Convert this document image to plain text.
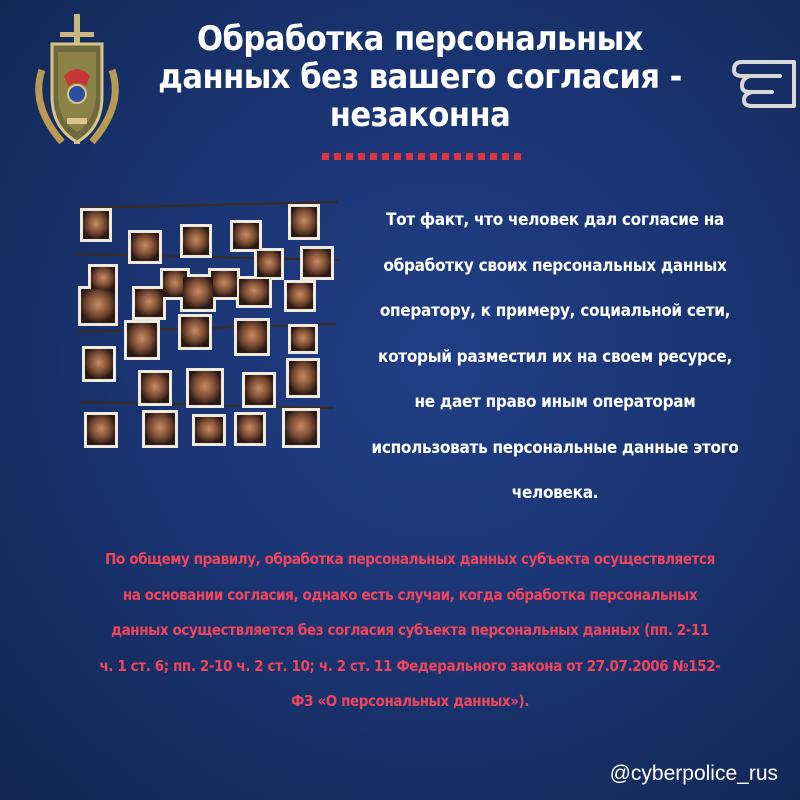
Обработка персональных
данных без вашего согласия -
незаконна
Тот факт, что человек дал согласие на
обработку своих персональных данных
оператору, к примеру, социальной сети,
который разместил их на своем ресурсе,
не дает право иным операторам
использовать персональные данные этого
человека.
По общему правилу, обработка персональных данных субъекта осуществляется
на основании согласия, однако есть случаи, когда обработка персональных
данных осуществляется без согласия субъекта персональных данных (пп. 2-11
ч. 1 ст. 6; пп. 2-10 ч. 2 ст. 10; ч. 2 ст. 11 Федерального закона от 27.07.2006 №152-
ФЗ «О персональных данных»).
@cyberpolice_rus
